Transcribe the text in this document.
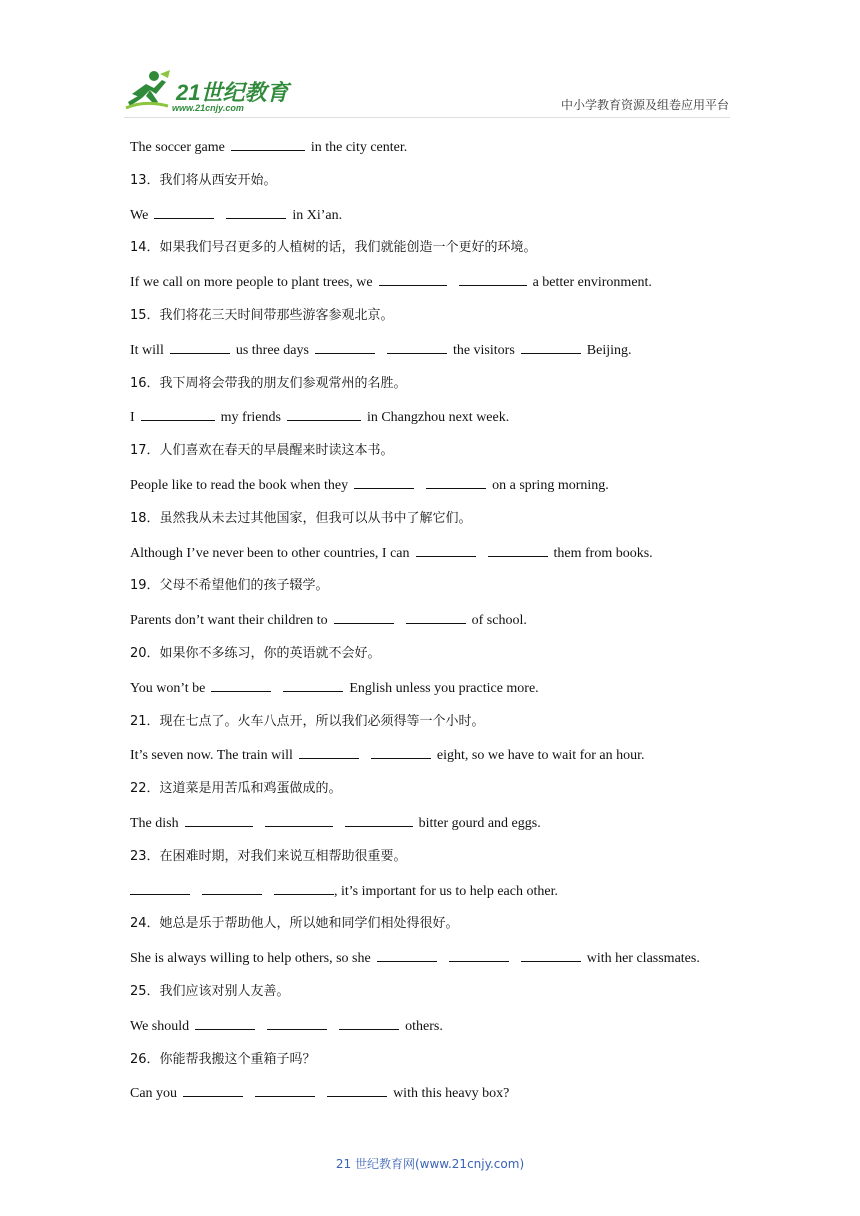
21世纪教育
www.21cnjy.com	中小学教育资源及组卷应用平台
The soccer game	in the city center.
13．我们将从西安开始。
We	in Xi’an.
14．如果我们号召更多的人植树的话，我们就能创造一个更好的环境。
If we call on more people to plant trees, we	a better environment.
15．我们将花三天时间带那些游客参观北京。
It will	us three days	the visitors	Beijing.
16．我下周将会带我的朋友们参观常州的名胜。
I	my friends	in Changzhou next week.
17．人们喜欢在春天的早晨醒来时读这本书。
People like to read the book when they	on a spring morning.
18．虽然我从未去过其他国家，但我可以从书中了解它们。
Although I’ve never been to other countries, I can	them from books.
19．父母不希望他们的孩子辍学。
Parents don’t want their children to	of school.
20．如果你不多练习，你的英语就不会好。
You won’t be	English unless you practice more.
21．现在七点了。火车八点开，所以我们必须得等一个小时。
It’s seven now. The train will	eight, so we have to wait for an hour.
22．这道菜是用苦瓜和鸡蛋做成的。
The dish	bitter gourd and eggs.
23．在困难时期，对我们来说互相帮助很重要。
, it’s important for us to help each other.
24．她总是乐于帮助他人，所以她和同学们相处得很好。
She is always willing to help others, so she	with her classmates.
25．我们应该对别人友善。
We should	others.
26．你能帮我搬这个重箱子吗？
Can you	with this heavy box?
21 世纪教育网(www.21cnjy.com)
